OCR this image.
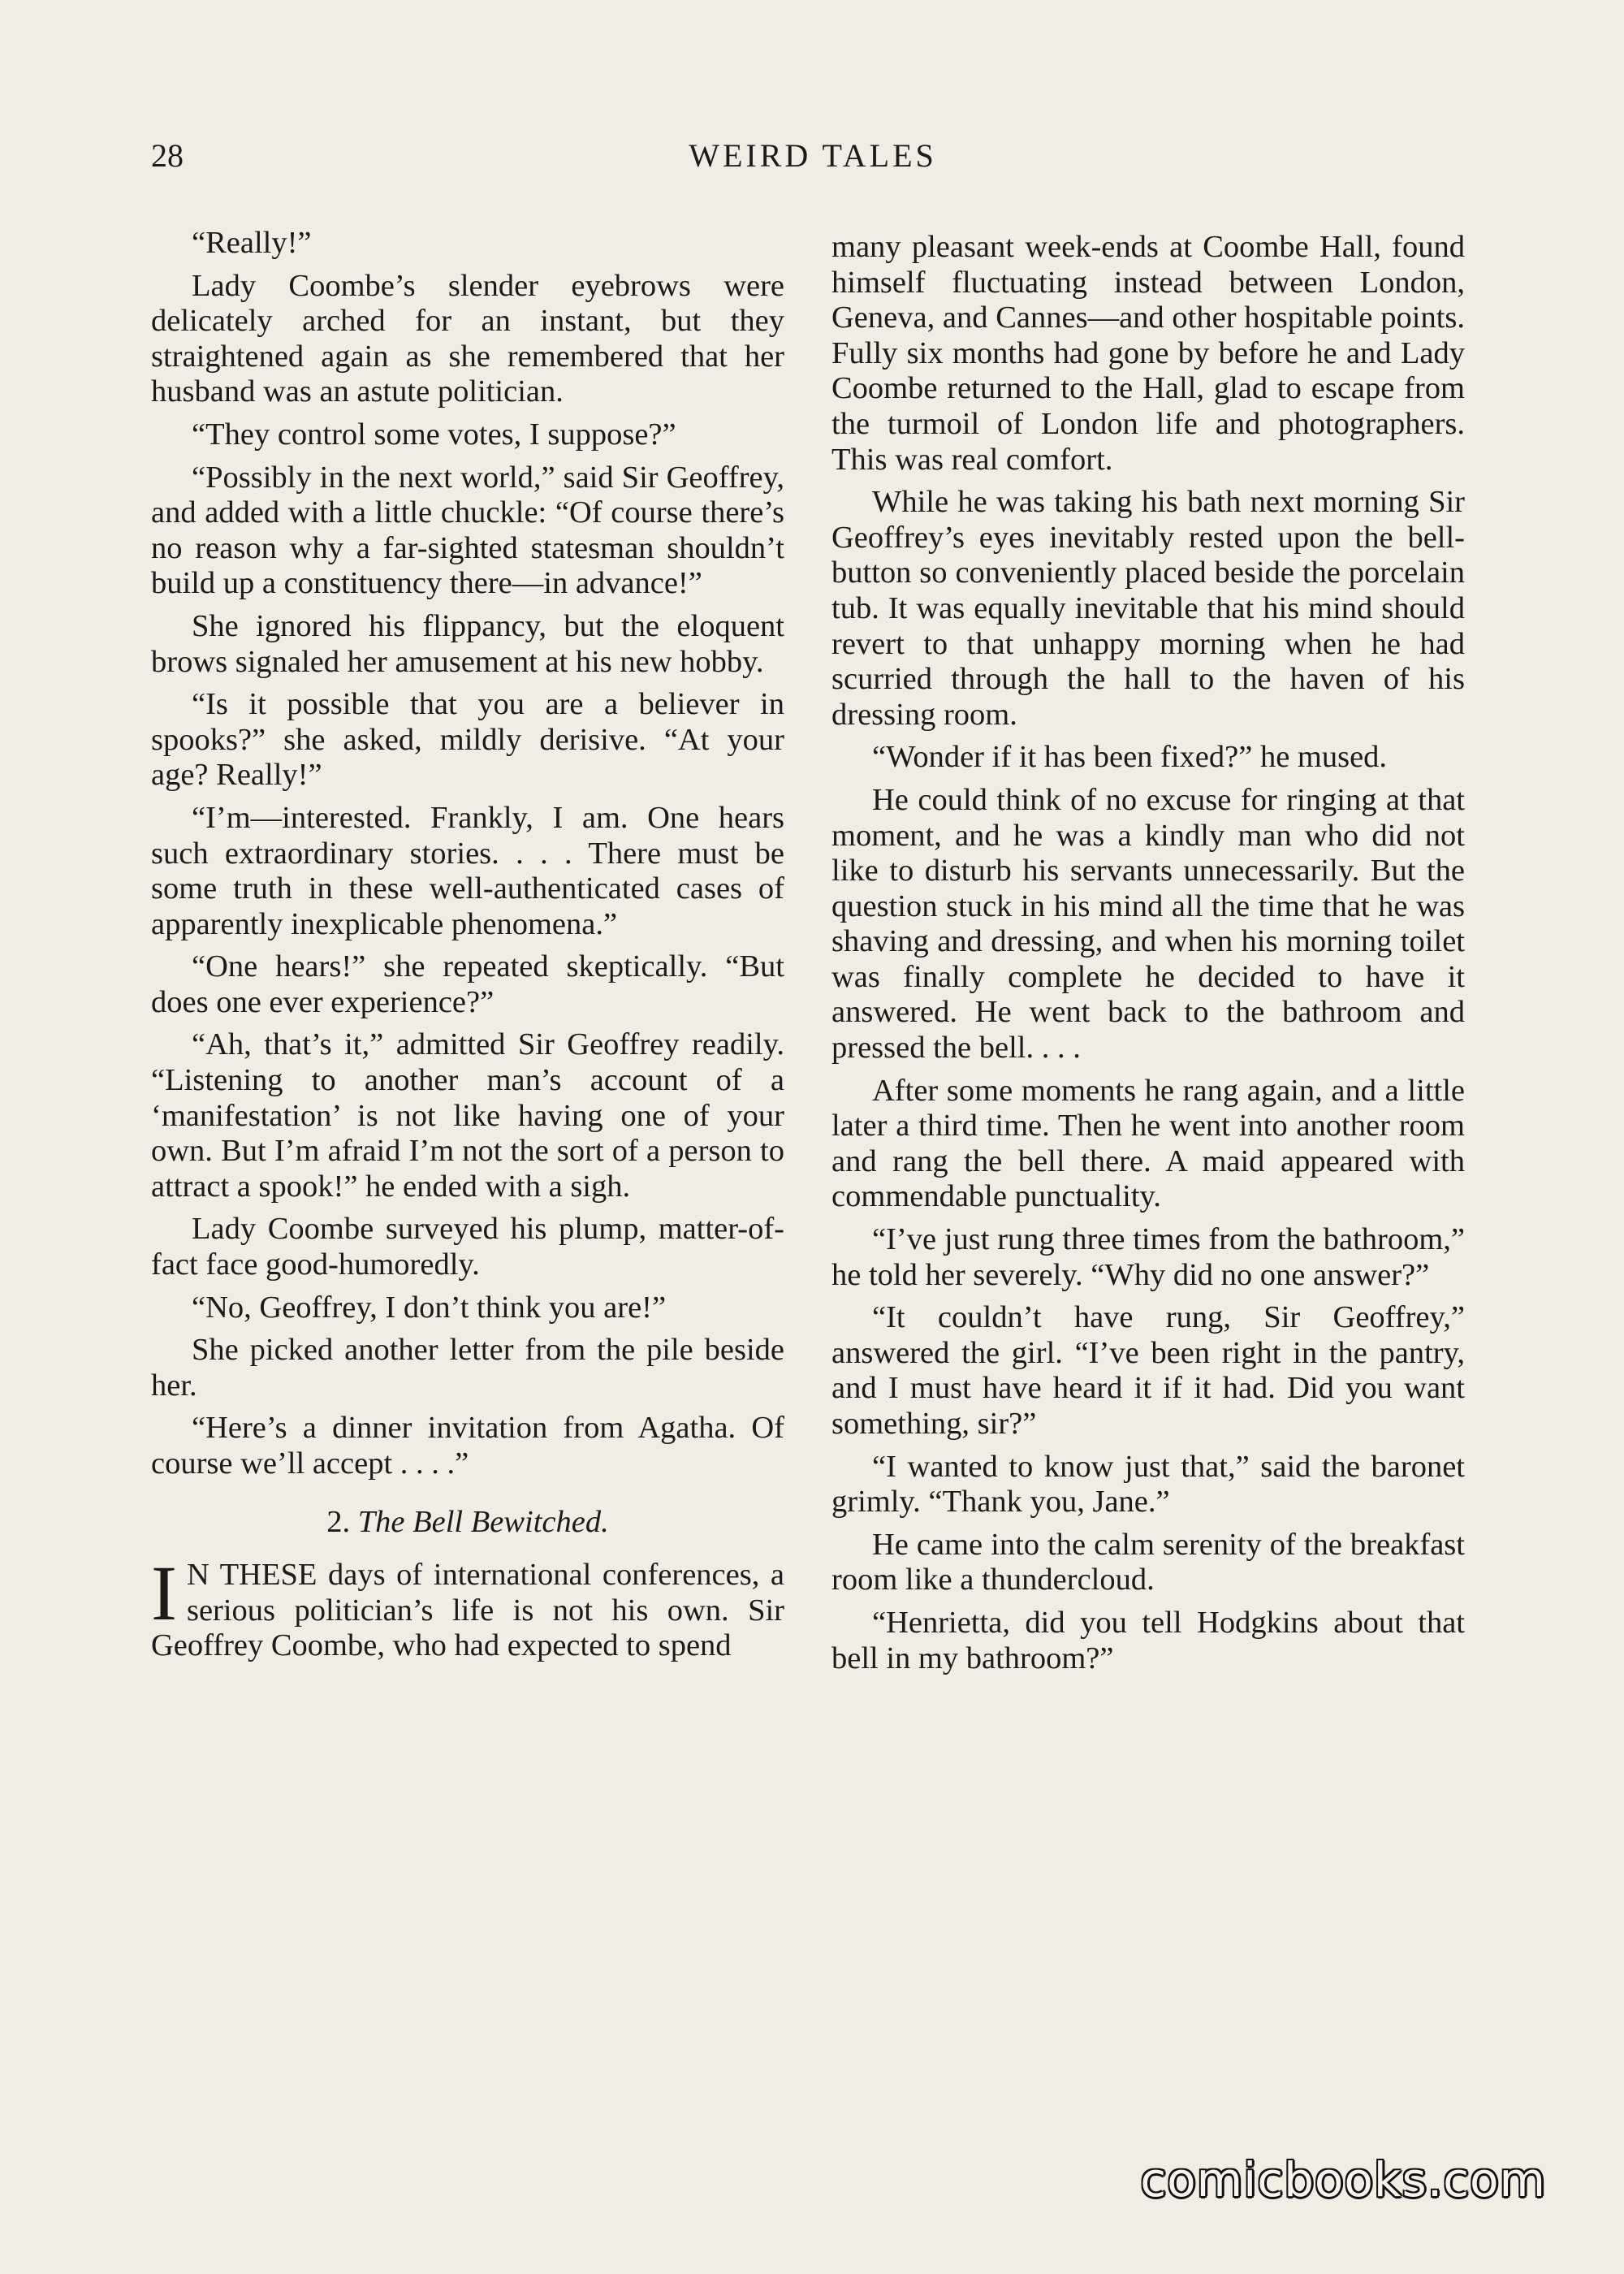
28	WEIRD TALES

“Really!”

Lady Coombe’s slender eyebrows were delicately arched for an instant, but they straightened again as she remembered that her husband was an astute politician.

“They control some votes, I suppose?”

“Possibly in the next world,” said Sir Geoffrey, and added with a little chuckle: “Of course there’s no reason why a far-sighted statesman shouldn’t build up a constituency there—in advance!”

She ignored his flippancy, but the eloquent brows signaled her amusement at his new hobby.

“Is it possible that you are a believer in spooks?” she asked, mildly derisive. “At your age? Really!”

“I’m—interested. Frankly, I am. One hears such extraordinary stories. . . . There must be some truth in these well-authenticated cases of apparently inexplicable phenomena.”

“One hears!” she repeated skeptically. “But does one ever experience?”

“Ah, that’s it,” admitted Sir Geoffrey readily. “Listening to another man’s account of a ‘manifestation’ is not like having one of your own. But I’m afraid I’m not the sort of a person to attract a spook!” he ended with a sigh.

Lady Coombe surveyed his plump, matter-of-fact face good-humoredly.

“No, Geoffrey, I don’t think you are!”

She picked another letter from the pile beside her.

“Here’s a dinner invitation from Agatha. Of course we’ll accept . . . .”

2. The Bell Bewitched.

I N THESE days of international conferences, a serious politician’s life is not his own. Sir Geoffrey Coombe, who had expected to spend

many pleasant week-ends at Coombe Hall, found himself fluctuating instead between London, Geneva, and Cannes—and other hospitable points. Fully six months had gone by before he and Lady Coombe returned to the Hall, glad to escape from the turmoil of London life and photographers. This was real comfort.

While he was taking his bath next morning Sir Geoffrey’s eyes inevitably rested upon the bell-button so conveniently placed beside the porcelain tub. It was equally inevitable that his mind should revert to that unhappy morning when he had scurried through the hall to the haven of his dressing room.

“Wonder if it has been fixed?” he mused.

He could think of no excuse for ringing at that moment, and he was a kindly man who did not like to disturb his servants unnecessarily. But the question stuck in his mind all the time that he was shaving and dressing, and when his morning toilet was finally complete he decided to have it answered. He went back to the bathroom and pressed the bell. . . .

After some moments he rang again, and a little later a third time. Then he went into another room and rang the bell there. A maid appeared with commendable punctuality.

“I’ve just rung three times from the bathroom,” he told her severely. “Why did no one answer?”

“It couldn’t have rung, Sir Geoffrey,” answered the girl. “I’ve been right in the pantry, and I must have heard it if it had. Did you want something, sir?”

“I wanted to know just that,” said the baronet grimly. “Thank you, Jane.”

He came into the calm serenity of the breakfast room like a thundercloud.

“Henrietta, did you tell Hodgkins about that bell in my bathroom?”

comicbooks.com
